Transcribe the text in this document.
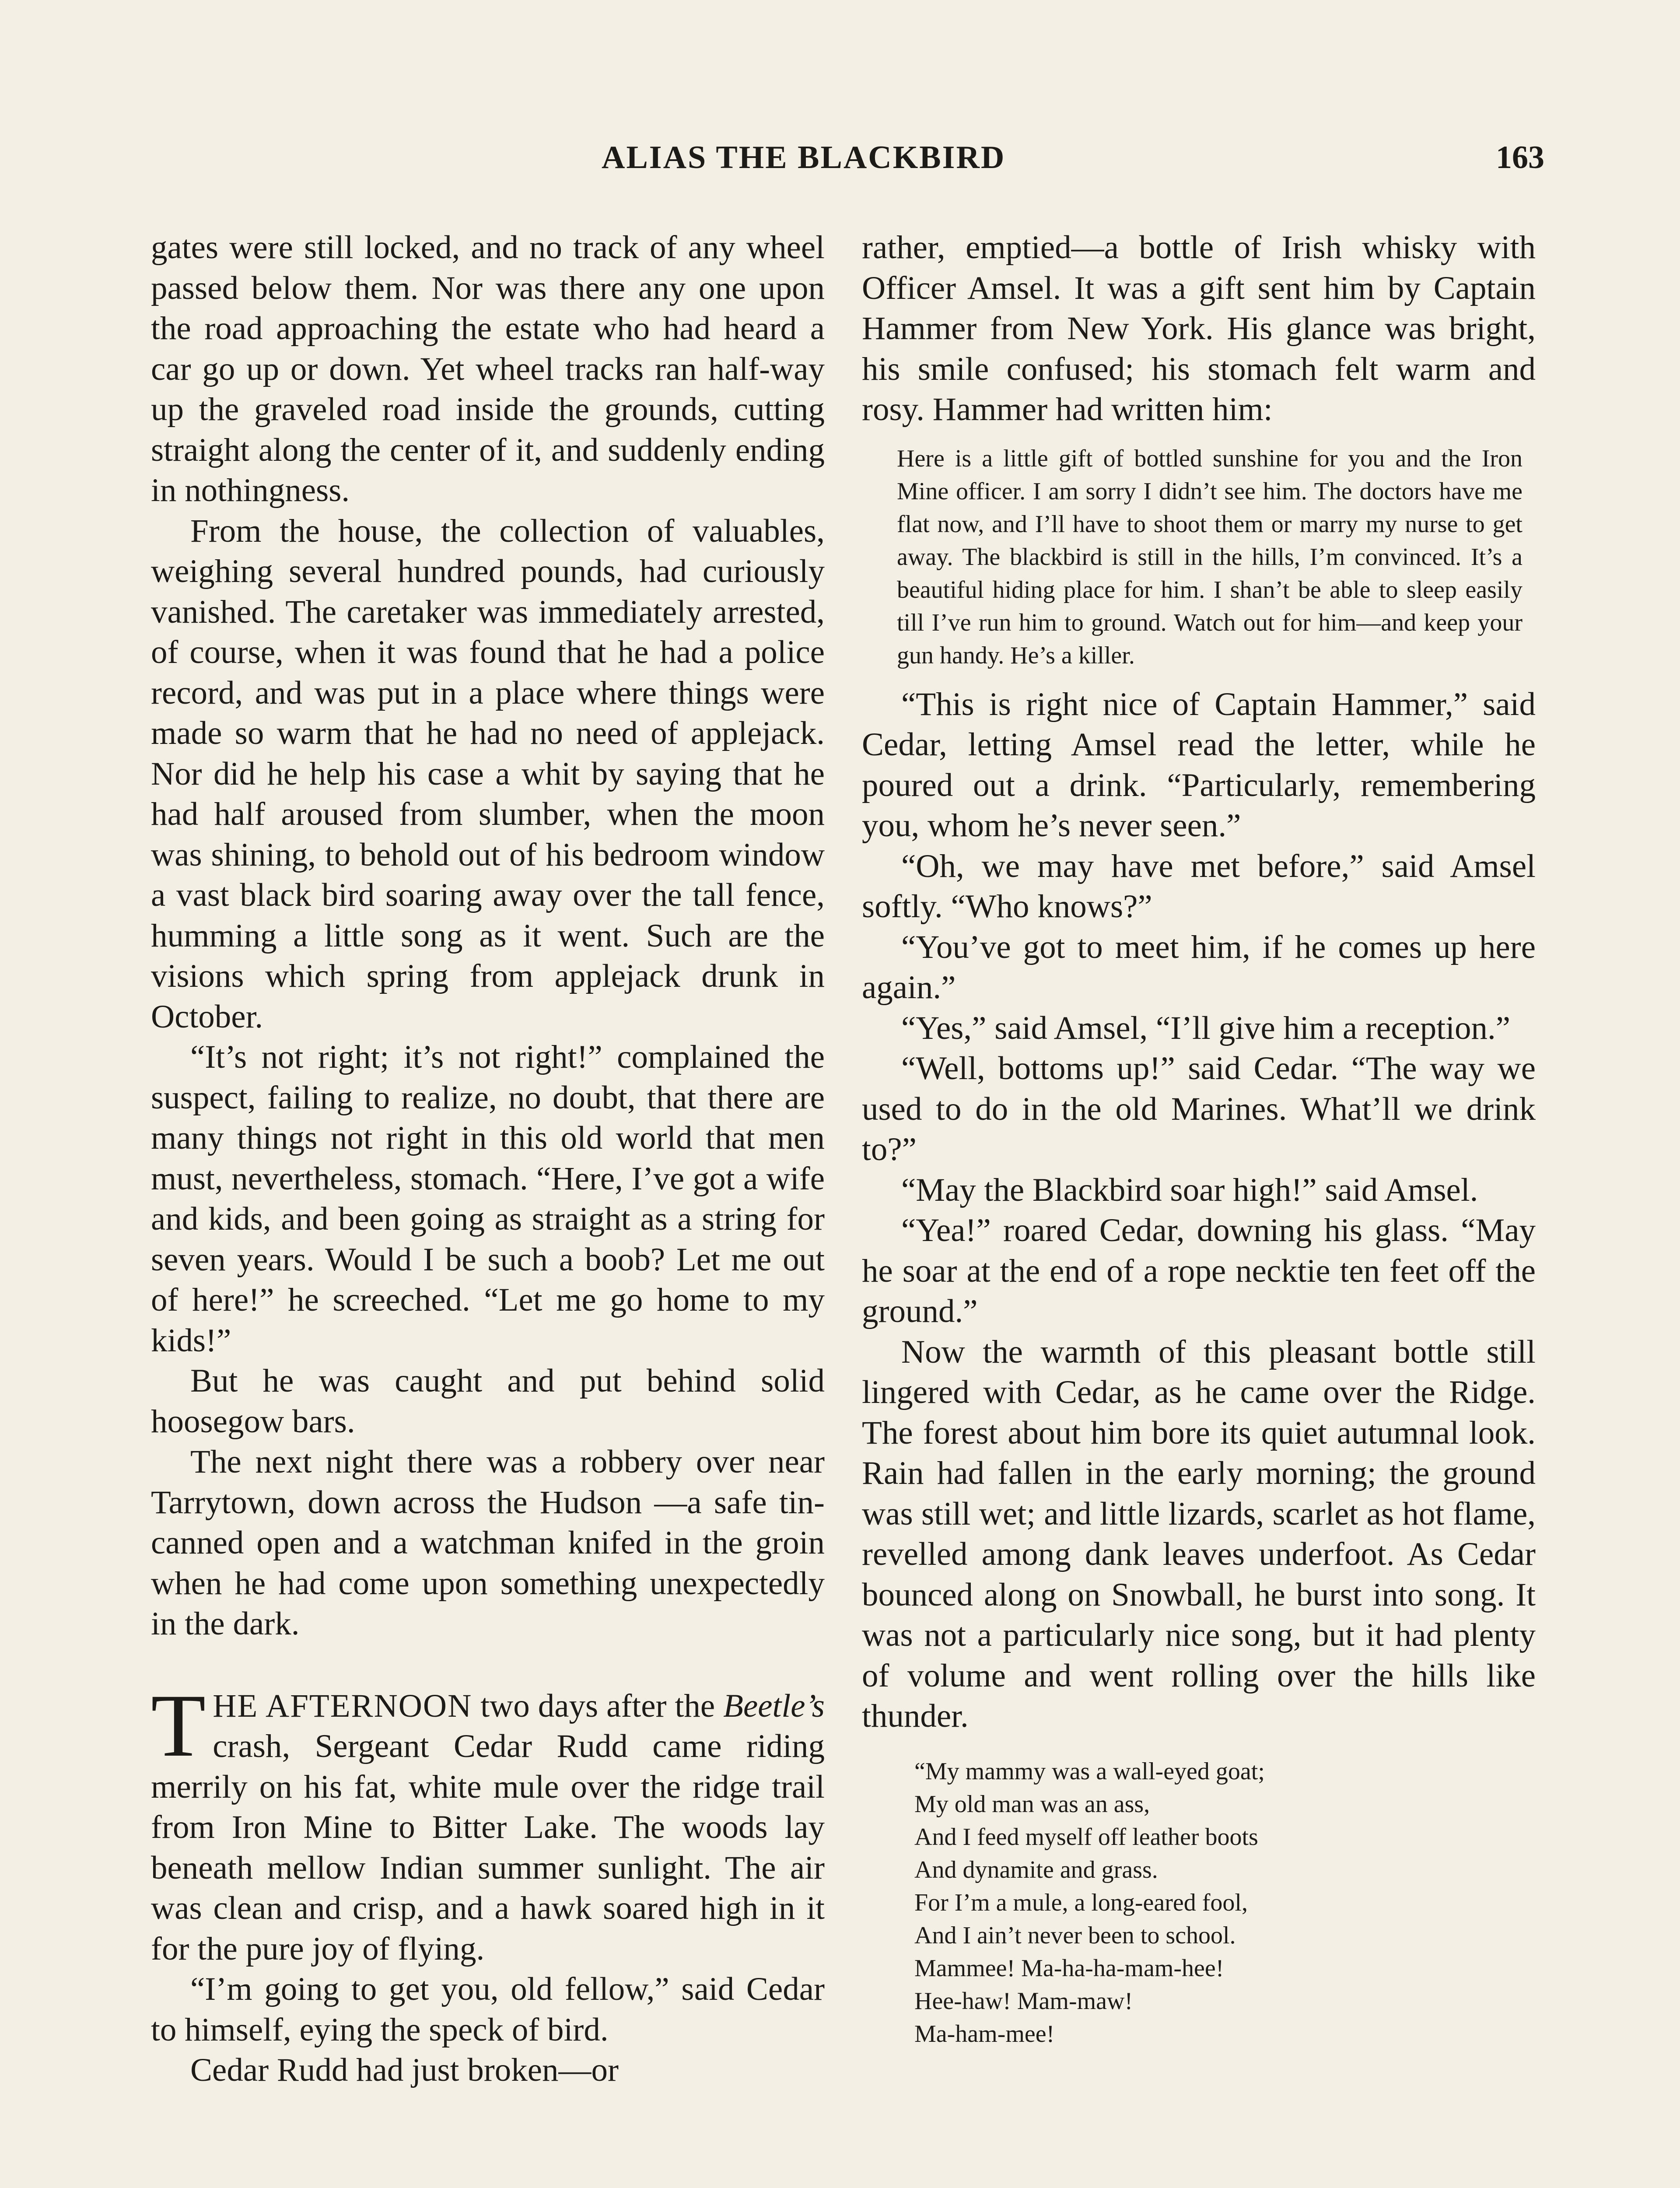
ALIAS THE BLACKBIRD	163

gates were still locked, and no track of any wheel passed below them. Nor was there any one upon the road approaching the estate who had heard a car go up or down. Yet wheel tracks ran half-way up the graveled road inside the grounds, cutting straight along the center of it, and suddenly ending in nothingness.

From the house, the collection of valuables, weighing several hundred pounds, had curiously vanished. The caretaker was immediately arrested, of course, when it was found that he had a police record, and was put in a place where things were made so warm that he had no need of applejack. Nor did he help his case a whit by saying that he had half aroused from slumber, when the moon was shining, to behold out of his bedroom window a vast black bird soaring away over the tall fence, humming a little song as it went. Such are the visions which spring from applejack drunk in October.

“It’s not right; it’s not right!” complained the suspect, failing to realize, no doubt, that there are many things not right in this old world that men must, nevertheless, stomach. “Here, I’ve got a wife and kids, and been going as straight as a string for seven years. Would I be such a boob? Let me out of here!” he screeched. “Let me go home to my kids!”

But he was caught and put behind solid hoosegow bars.

The next night there was a robbery over near Tarrytown, down across the Hudson —a safe tin-canned open and a watchman knifed in the groin when he had come upon something unexpectedly in the dark.

THE AFTERNOON two days after the Beetle’s crash, Sergeant Cedar Rudd came riding merrily on his fat, white mule over the ridge trail from Iron Mine to Bitter Lake. The woods lay beneath mellow Indian summer sunlight. The air was clean and crisp, and a hawk soared high in it for the pure joy of flying.

“I’m going to get you, old fellow,” said Cedar to himself, eying the speck of bird.

Cedar Rudd had just broken—or

rather, emptied—a bottle of Irish whisky with Officer Amsel. It was a gift sent him by Captain Hammer from New York. His glance was bright, his smile confused; his stomach felt warm and rosy. Hammer had written him:

Here is a little gift of bottled sunshine for you and the Iron Mine officer. I am sorry I didn’t see him. The doctors have me flat now, and I’ll have to shoot them or marry my nurse to get away. The blackbird is still in the hills, I’m convinced. It’s a beautiful hiding place for him. I shan’t be able to sleep easily till I’ve run him to ground. Watch out for him—and keep your gun handy. He’s a killer.

“This is right nice of Captain Hammer,” said Cedar, letting Amsel read the letter, while he poured out a drink. “Particularly, remembering you, whom he’s never seen.”

“Oh, we may have met before,” said Amsel softly. “Who knows?”

“You’ve got to meet him, if he comes up here again.”

“Yes,” said Amsel, “I’ll give him a reception.”

“Well, bottoms up!” said Cedar. “The way we used to do in the old Marines. What’ll we drink to?”

“May the Blackbird soar high!” said Amsel.

“Yea!” roared Cedar, downing his glass. “May he soar at the end of a rope necktie ten feet off the ground.”

Now the warmth of this pleasant bottle still lingered with Cedar, as he came over the Ridge. The forest about him bore its quiet autumnal look. Rain had fallen in the early morning; the ground was still wet; and little lizards, scarlet as hot flame, revelled among dank leaves underfoot. As Cedar bounced along on Snowball, he burst into song. It was not a particularly nice song, but it had plenty of volume and went rolling over the hills like thunder.

“My mammy was a wall-eyed goat;
My old man was an ass,
And I feed myself off leather boots
And dynamite and grass.
For I’m a mule, a long-eared fool,
And I ain’t never been to school.
Mammee! Ma-ha-ha-mam-hee!
Hee-haw! Mam-maw!
Ma-ham-mee!
